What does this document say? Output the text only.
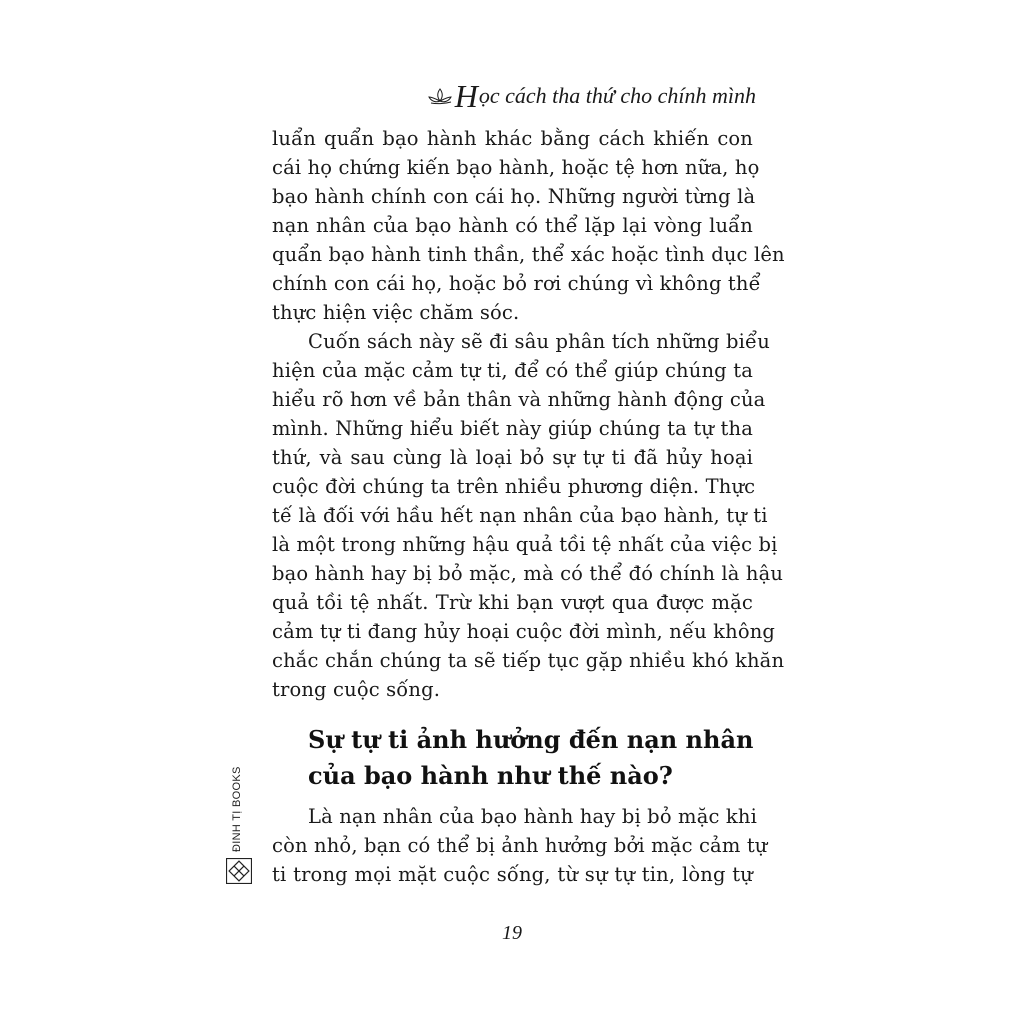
H ọc cách tha thứ cho chính mình
luẩn quẩn bạo hành khác bằng cách khiến con
cái họ chứng kiến bạo hành, hoặc tệ hơn nữa, họ
bạo hành chính con cái họ. Những người từng là
nạn nhân của bạo hành có thể lặp lại vòng luẩn
quẩn bạo hành tinh thần, thể xác hoặc tình dục lên
chính con cái họ, hoặc bỏ rơi chúng vì không thể
thực hiện việc chăm sóc.
Cuốn sách này sẽ đi sâu phân tích những biểu
hiện của mặc cảm tự ti, để có thể giúp chúng ta
hiểu rõ hơn về bản thân và những hành động của
mình. Những hiểu biết này giúp chúng ta tự tha
thứ, và sau cùng là loại bỏ sự tự ti đã hủy hoại
cuộc đời chúng ta trên nhiều phương diện. Thực
tế là đối với hầu hết nạn nhân của bạo hành, tự ti
là một trong những hậu quả tồi tệ nhất của việc bị
bạo hành hay bị bỏ mặc, mà có thể đó chính là hậu
quả tồi tệ nhất. Trừ khi bạn vượt qua được mặc
cảm tự ti đang hủy hoại cuộc đời mình, nếu không
chắc chắn chúng ta sẽ tiếp tục gặp nhiều khó khăn
trong cuộc sống.
Sự tự ti ảnh hưởng đến nạn nhân
của bạo hành như thế nào?
Là nạn nhân của bạo hành hay bị bỏ mặc khi
còn nhỏ, bạn có thể bị ảnh hưởng bởi mặc cảm tự
ti trong mọi mặt cuộc sống, từ sự tự tin, lòng tự
ĐINH TỊ BOOKS
19
